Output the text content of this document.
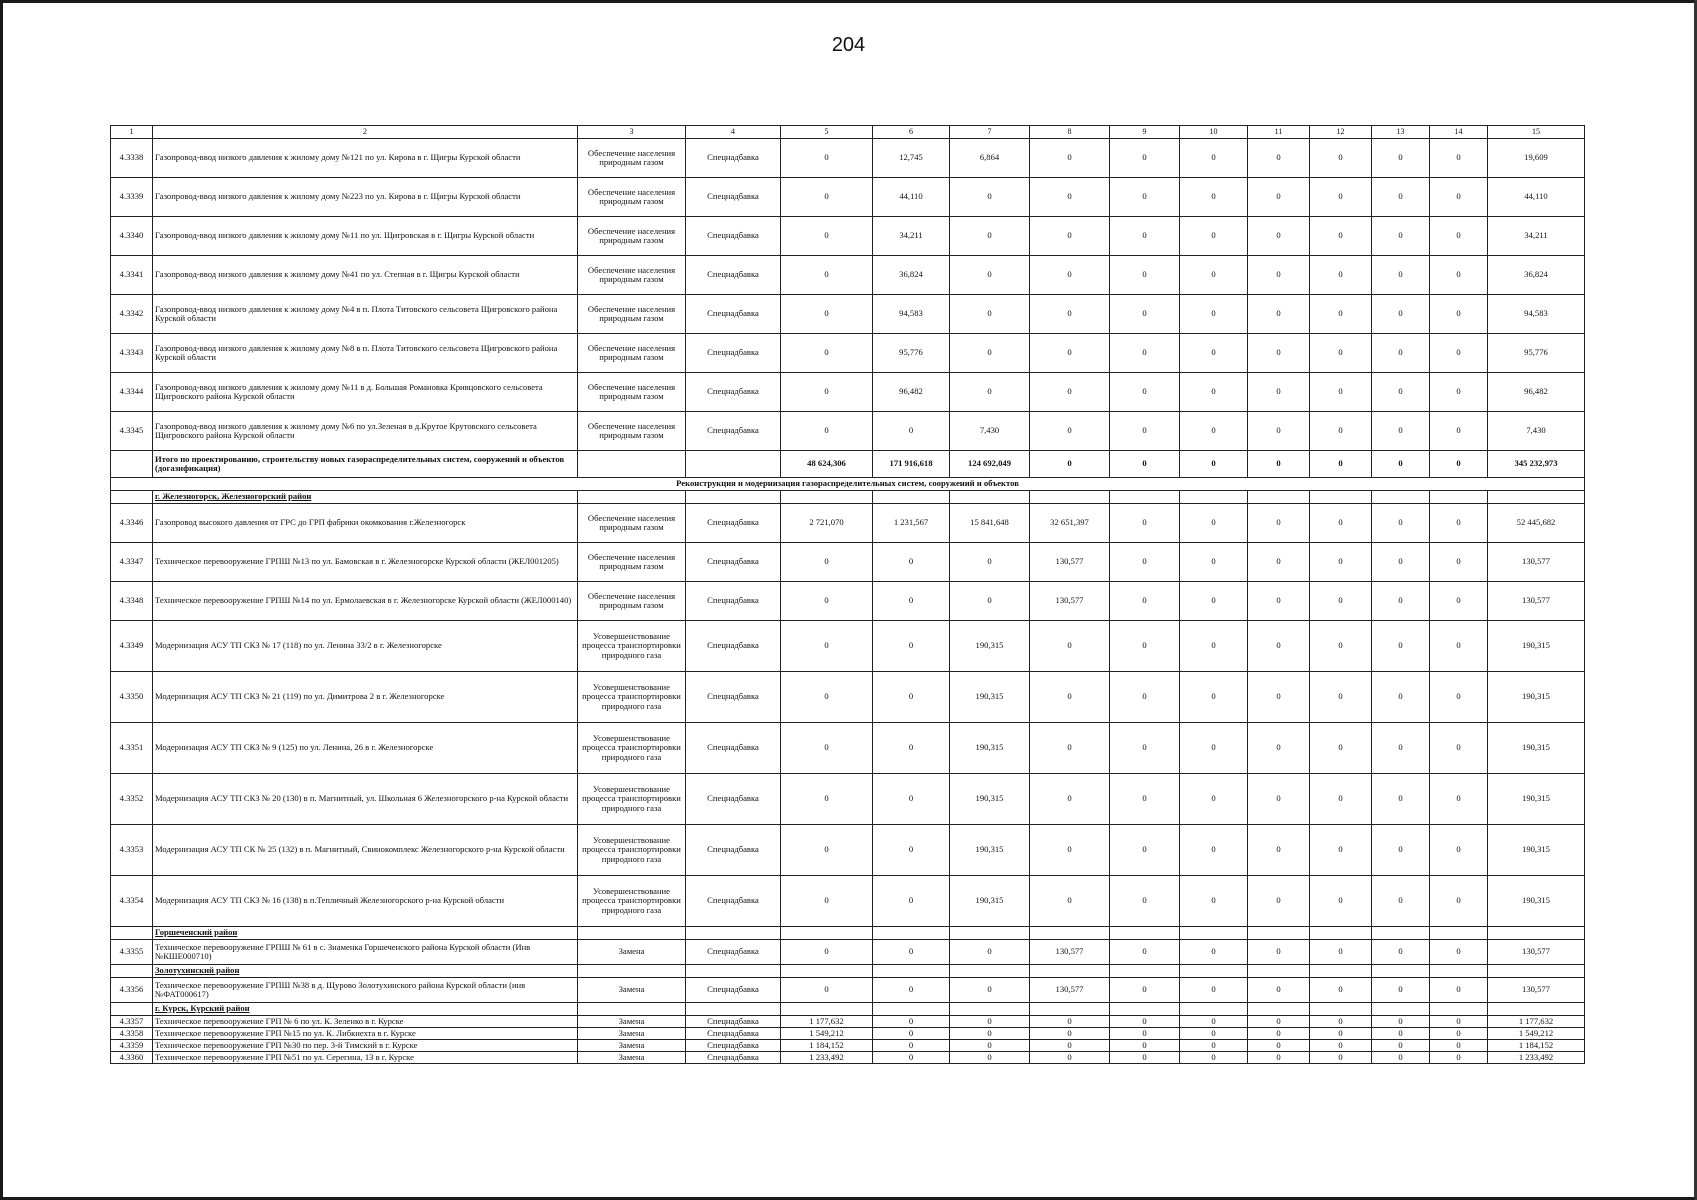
204
1	2	3	4	5	6	7	8	9	10	11	12	13	14	15
4.3338	Газопровод-ввод низкого давления к жилому дому №121 по ул. Кирова в г. Щигры Курской области	Обеспечение населения природным газом	Спецнадбавка	0	12,745	6,864	0	0	0	0	0	0	0	19,609
4.3339	Газопровод-ввод низкого давления к жилому дому №223 по ул. Кирова в г. Щигры Курской области	Обеспечение населения природным газом	Спецнадбавка	0	44,110	0	0	0	0	0	0	0	0	44,110
4.3340	Газопровод-ввод низкого давления к жилому дому №11 по ул. Щигровская в г. Щигры Курской области	Обеспечение населения природным газом	Спецнадбавка	0	34,211	0	0	0	0	0	0	0	0	34,211
4.3341	Газопровод-ввод низкого давления к жилому дому №41 по ул. Степная в г. Щигры Курской области	Обеспечение населения природным газом	Спецнадбавка	0	36,824	0	0	0	0	0	0	0	0	36,824
4.3342	Газопровод-ввод низкого давления к жилому дому №4 в п. Плота Титовского сельсовета Щигровского района Курской области	Обеспечение населения природным газом	Спецнадбавка	0	94,583	0	0	0	0	0	0	0	0	94,583
4.3343	Газопровод-ввод низкого давления к жилому дому №8 в п. Плота Титовского сельсовета Щигровского района Курской области	Обеспечение населения природным газом	Спецнадбавка	0	95,776	0	0	0	0	0	0	0	0	95,776
4.3344	Газопровод-ввод низкого давления к жилому дому №11 в д. Большая Романовка Кривцовского сельсовета Щигровского района Курской области	Обеспечение населения природным газом	Спецнадбавка	0	96,482	0	0	0	0	0	0	0	0	96,482
4.3345	Газопровод-ввод низкого давления к жилому дому №6 по ул.Зеленая в д.Крутое Крутовского сельсовета Щигровского района Курской области	Обеспечение населения природным газом	Спецнадбавка	0	0	7,430	0	0	0	0	0	0	0	7,430
	Итого по проектированию, строительству новых газораспределительных систем, сооружений и объектов (догазификация)			48 624,306	171 916,618	124 692,049	0	0	0	0	0	0	0	345 232,973
Реконструкция и модернизация газораспределительных систем, сооружений и объектов														
	г. Железногорск, Железногорский район													
4.3346	Газопровод высокого давления от ГРС до ГРП фабрики окомкования г.Железногорск	Обеспечение населения природным газом	Спецнадбавка	2 721,070	1 231,567	15 841,648	32 651,397	0	0	0	0	0	0	52 445,682
4.3347	Техническое перевооружение ГРПШ №13 по ул. Бамовская в г. Железногорске Курской области (ЖЕЛ001205)	Обеспечение населения природным газом	Спецнадбавка	0	0	0	130,577	0	0	0	0	0	0	130,577
4.3348	Техническое перевооружение ГРПШ №14 по ул. Ермолаевская в г. Железногорске Курской области (ЖЕЛ000140)	Обеспечение населения природным газом	Спецнадбавка	0	0	0	130,577	0	0	0	0	0	0	130,577
4.3349	Модернизация АСУ ТП СКЗ № 17 (118) по ул. Ленина 33/2 в г. Железногорске	Усовершенствование процесса транспортировки природного газа	Спецнадбавка	0	0	190,315	0	0	0	0	0	0	0	190,315
4.3350	Модернизация АСУ ТП СКЗ № 21 (119) по ул. Димитрова 2 в г. Железногорске	Усовершенствование процесса транспортировки природного газа	Спецнадбавка	0	0	190,315	0	0	0	0	0	0	0	190,315
4.3351	Модернизация АСУ ТП СКЗ № 9 (125) по ул. Ленина, 26 в г. Железногорске	Усовершенствование процесса транспортировки природного газа	Спецнадбавка	0	0	190,315	0	0	0	0	0	0	0	190,315
4.3352	Модернизация АСУ ТП СКЗ № 20 (130) в п. Магнитный, ул. Школьная 6 Железногорского р-на Курской области	Усовершенствование процесса транспортировки природного газа	Спецнадбавка	0	0	190,315	0	0	0	0	0	0	0	190,315
4.3353	Модернизация АСУ ТП СК № 25 (132) в п. Магнитный, Свинокомплекс Железногорского р-на Курской области	Усовершенствование процесса транспортировки природного газа	Спецнадбавка	0	0	190,315	0	0	0	0	0	0	0	190,315
4.3354	Модернизация АСУ ТП СКЗ № 16 (138) в п.Тепличный Железногорского р-на Курской области	Усовершенствование процесса транспортировки природного газа	Спецнадбавка	0	0	190,315	0	0	0	0	0	0	0	190,315
	Горшеченский район													
4.3355	Техническое перевооружение ГРПШ № 61 в с. Знаменка Горшеченского района Курской области (Инв №КШЕ000710)	Замена	Спецнадбавка	0	0	0	130,577	0	0	0	0	0	0	130,577
	Золотухинский район													
4.3356	Техническое перевооружение ГРПШ №38 в д. Щурово Золотухинского района Курской области (инв №ФАТ000617)	Замена	Спецнадбавка	0	0	0	130,577	0	0	0	0	0	0	130,577
	г. Курск, Курский район													
4.3357	Техническое перевооружение ГРП № 6 по ул. К. Зеленко в г. Курске	Замена	Спецнадбавка	1 177,632	0	0	0	0	0	0	0	0	0	1 177,632
4.3358	Техническое перевооружение ГРП №15 по ул. К. Либкнехта в г. Курске	Замена	Спецнадбавка	1 549,212	0	0	0	0	0	0	0	0	0	1 549,212
4.3359	Техническое перевооружение ГРП №30 по пер. 3-й Тимский в г. Курске	Замена	Спецнадбавка	1 184,152	0	0	0	0	0	0	0	0	0	1 184,152
4.3360	Техническое перевооружение ГРП №51 по ул. Серегина, 13 в г. Курске	Замена	Спецнадбавка	1 233,492	0	0	0	0	0	0	0	0	0	1 233,492
